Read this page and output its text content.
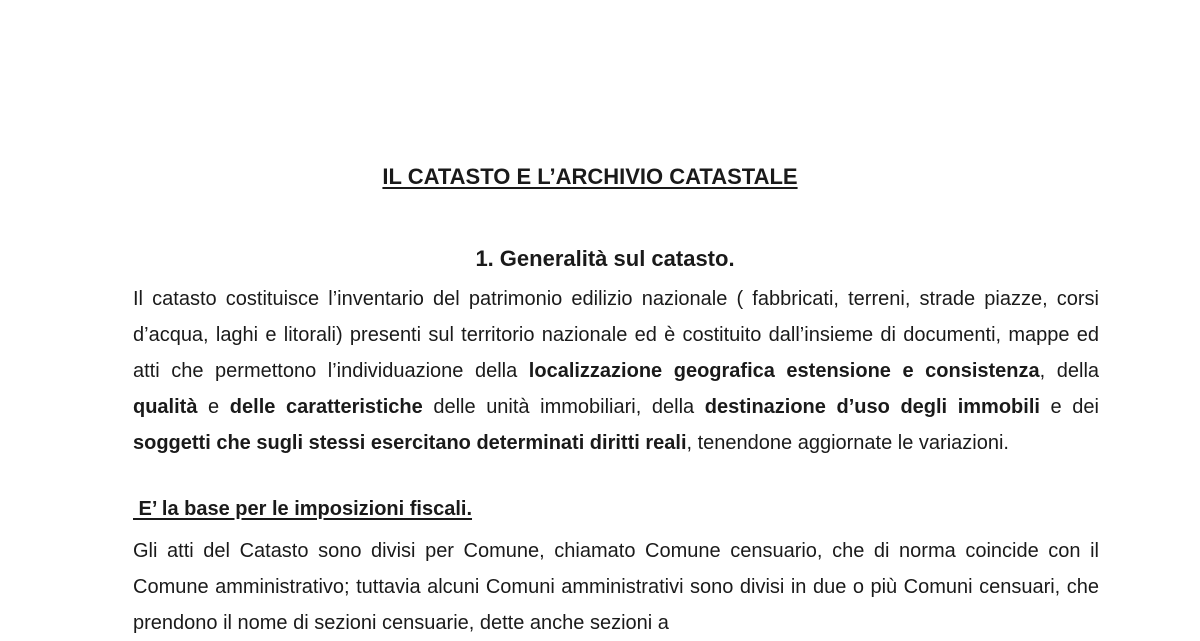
IL CATASTO E L’ARCHIVIO CATASTALE
1. Generalità sul catasto.
Il catasto costituisce l’inventario del patrimonio edilizio nazionale ( fabbricati, terreni, strade piazze, corsi d’acqua, laghi e litorali) presenti sul territorio nazionale ed è costituito dall’insieme di documenti, mappe ed atti che permettono l’individuazione della localizzazione geografica estensione e consistenza, della qualità e delle caratteristiche delle unità immobiliari, della destinazione d’uso degli immobili e dei soggetti che sugli stessi esercitano determinati diritti reali, tenendone aggiornate le variazioni.
E’ la base per le imposizioni fiscali.
Gli atti del Catasto sono divisi per Comune, chiamato Comune censuario, che di norma coincide con il Comune amministrativo; tuttavia alcuni Comuni amministrativi sono divisi in due o più Comuni censuari, che prendono il nome di sezioni censuarie, dette anche sezioni a
